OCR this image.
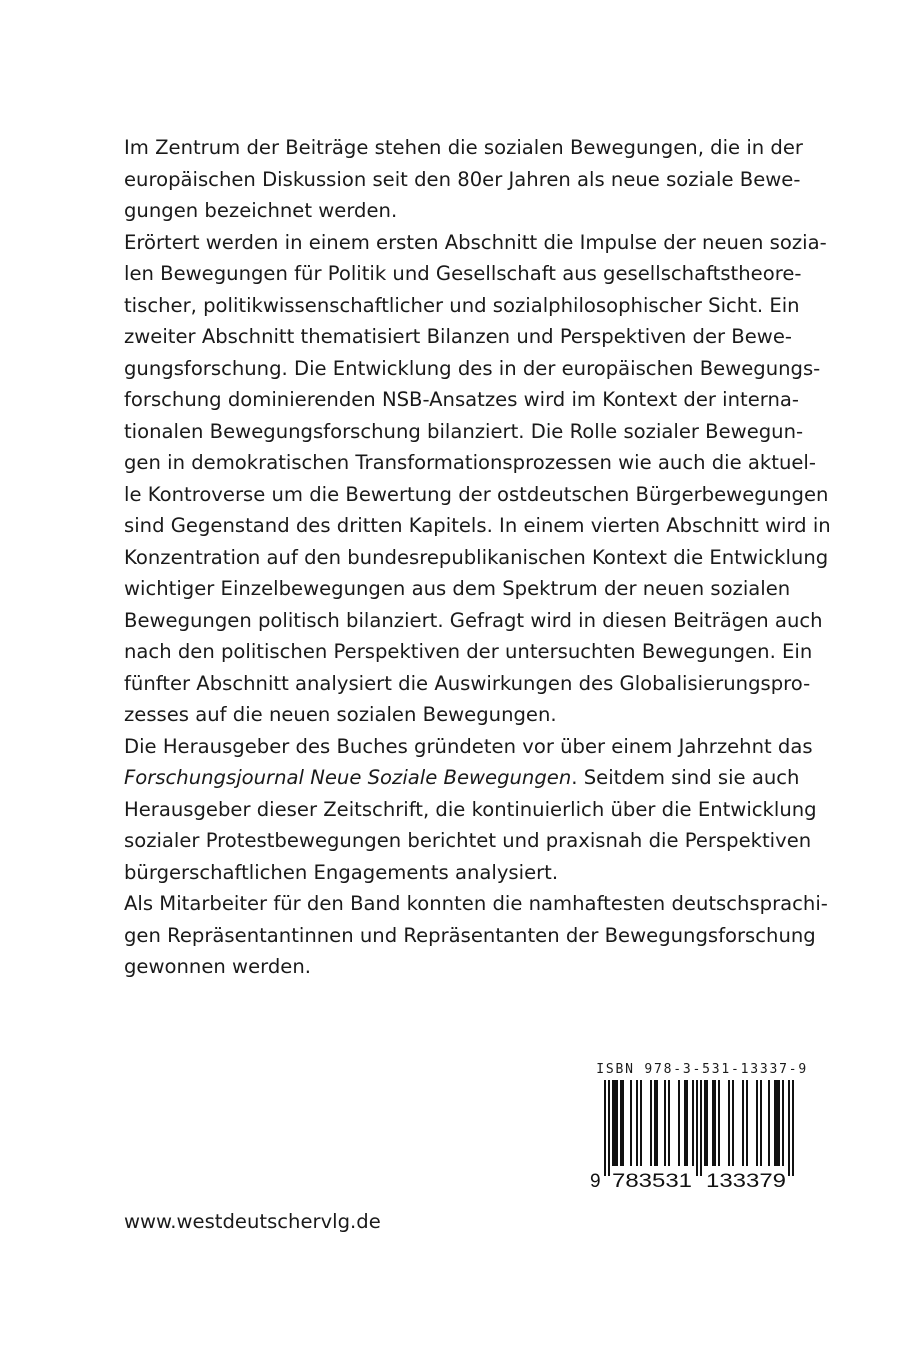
Im Zentrum der Beiträge stehen die sozialen Bewegungen, die in der
europäischen Diskussion seit den 80er Jahren als neue soziale Bewe-
gungen bezeichnet werden.
Erörtert werden in einem ersten Abschnitt die Impulse der neuen sozia-
len Bewegungen für Politik und Gesellschaft aus gesellschaftstheore-
tischer, politikwissenschaftlicher und sozialphilosophischer Sicht. Ein
zweiter Abschnitt thematisiert Bilanzen und Perspektiven der Bewe-
gungsforschung. Die Entwicklung des in der europäischen Bewegungs-
forschung dominierenden NSB-Ansatzes wird im Kontext der interna-
tionalen Bewegungsforschung bilanziert. Die Rolle sozialer Bewegun-
gen in demokratischen Transformationsprozessen wie auch die aktuel-
le Kontroverse um die Bewertung der ostdeutschen Bürgerbewegungen
sind Gegenstand des dritten Kapitels. In einem vierten Abschnitt wird in
Konzentration auf den bundesrepublikanischen Kontext die Entwicklung
wichtiger Einzelbewegungen aus dem Spektrum der neuen sozialen
Bewegungen politisch bilanziert. Gefragt wird in diesen Beiträgen auch
nach den politischen Perspektiven der untersuchten Bewegungen. Ein
fünfter Abschnitt analysiert die Auswirkungen des Globalisierungspro-
zesses auf die neuen sozialen Bewegungen.
Die Herausgeber des Buches gründeten vor über einem Jahrzehnt das
Forschungsjournal Neue Soziale Bewegungen. Seitdem sind sie auch
Herausgeber dieser Zeitschrift, die kontinuierlich über die Entwicklung
sozialer Protestbewegungen berichtet und praxisnah die Perspektiven
bürgerschaftlichen Engagements analysiert.
Als Mitarbeiter für den Band konnten die namhaftesten deutschsprachi-
gen Repräsentantinnen und Repräsentanten der Bewegungsforschung
gewonnen werden.
ISBN 978-3-531-13337-9
9 783531 133379
www.westdeutschervlg.de
